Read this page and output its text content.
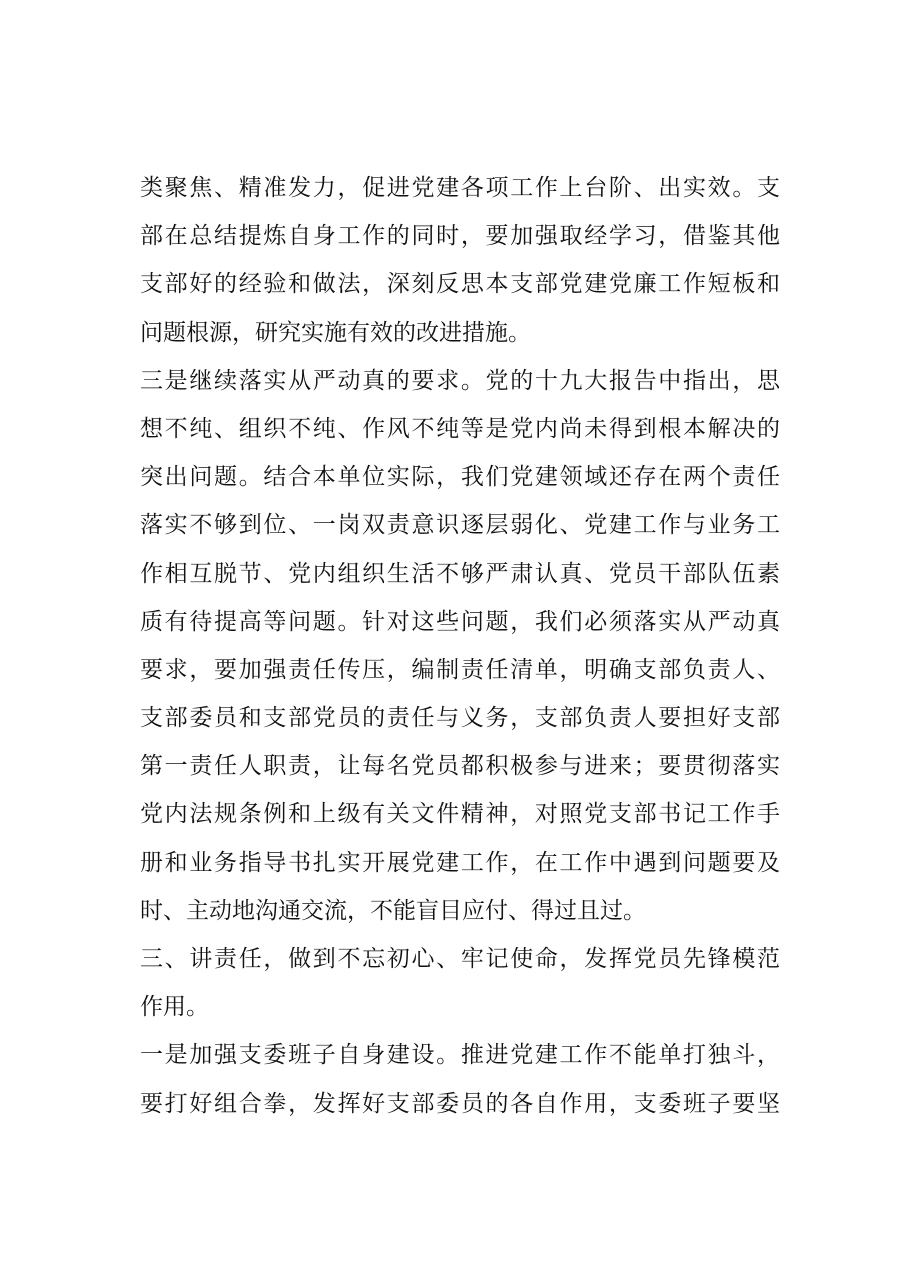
类聚焦、精准发力，促进党建各项工作上台阶、出实效。支
部在总结提炼自身工作的同时，要加强取经学习，借鉴其他
支部好的经验和做法，深刻反思本支部党建党廉工作短板和
问题根源，研究实施有效的改进措施。
三是继续落实从严动真的要求。党的十九大报告中指出，思
想不纯、组织不纯、作风不纯等是党内尚未得到根本解决的
突出问题。结合本单位实际，我们党建领域还存在两个责任
落实不够到位、一岗双责意识逐层弱化、党建工作与业务工
作相互脱节、党内组织生活不够严肃认真、党员干部队伍素
质有待提高等问题。针对这些问题，我们必须落实从严动真
要求，要加强责任传压，编制责任清单，明确支部负责人、
支部委员和支部党员的责任与义务，支部负责人要担好支部
第一责任人职责，让每名党员都积极参与进来；要贯彻落实
党内法规条例和上级有关文件精神，对照党支部书记工作手
册和业务指导书扎实开展党建工作，在工作中遇到问题要及
时、主动地沟通交流，不能盲目应付、得过且过。
三、讲责任，做到不忘初心、牢记使命，发挥党员先锋模范
作用。
一是加强支委班子自身建设。推进党建工作不能单打独斗，
要打好组合拳，发挥好支部委员的各自作用，支委班子要坚
